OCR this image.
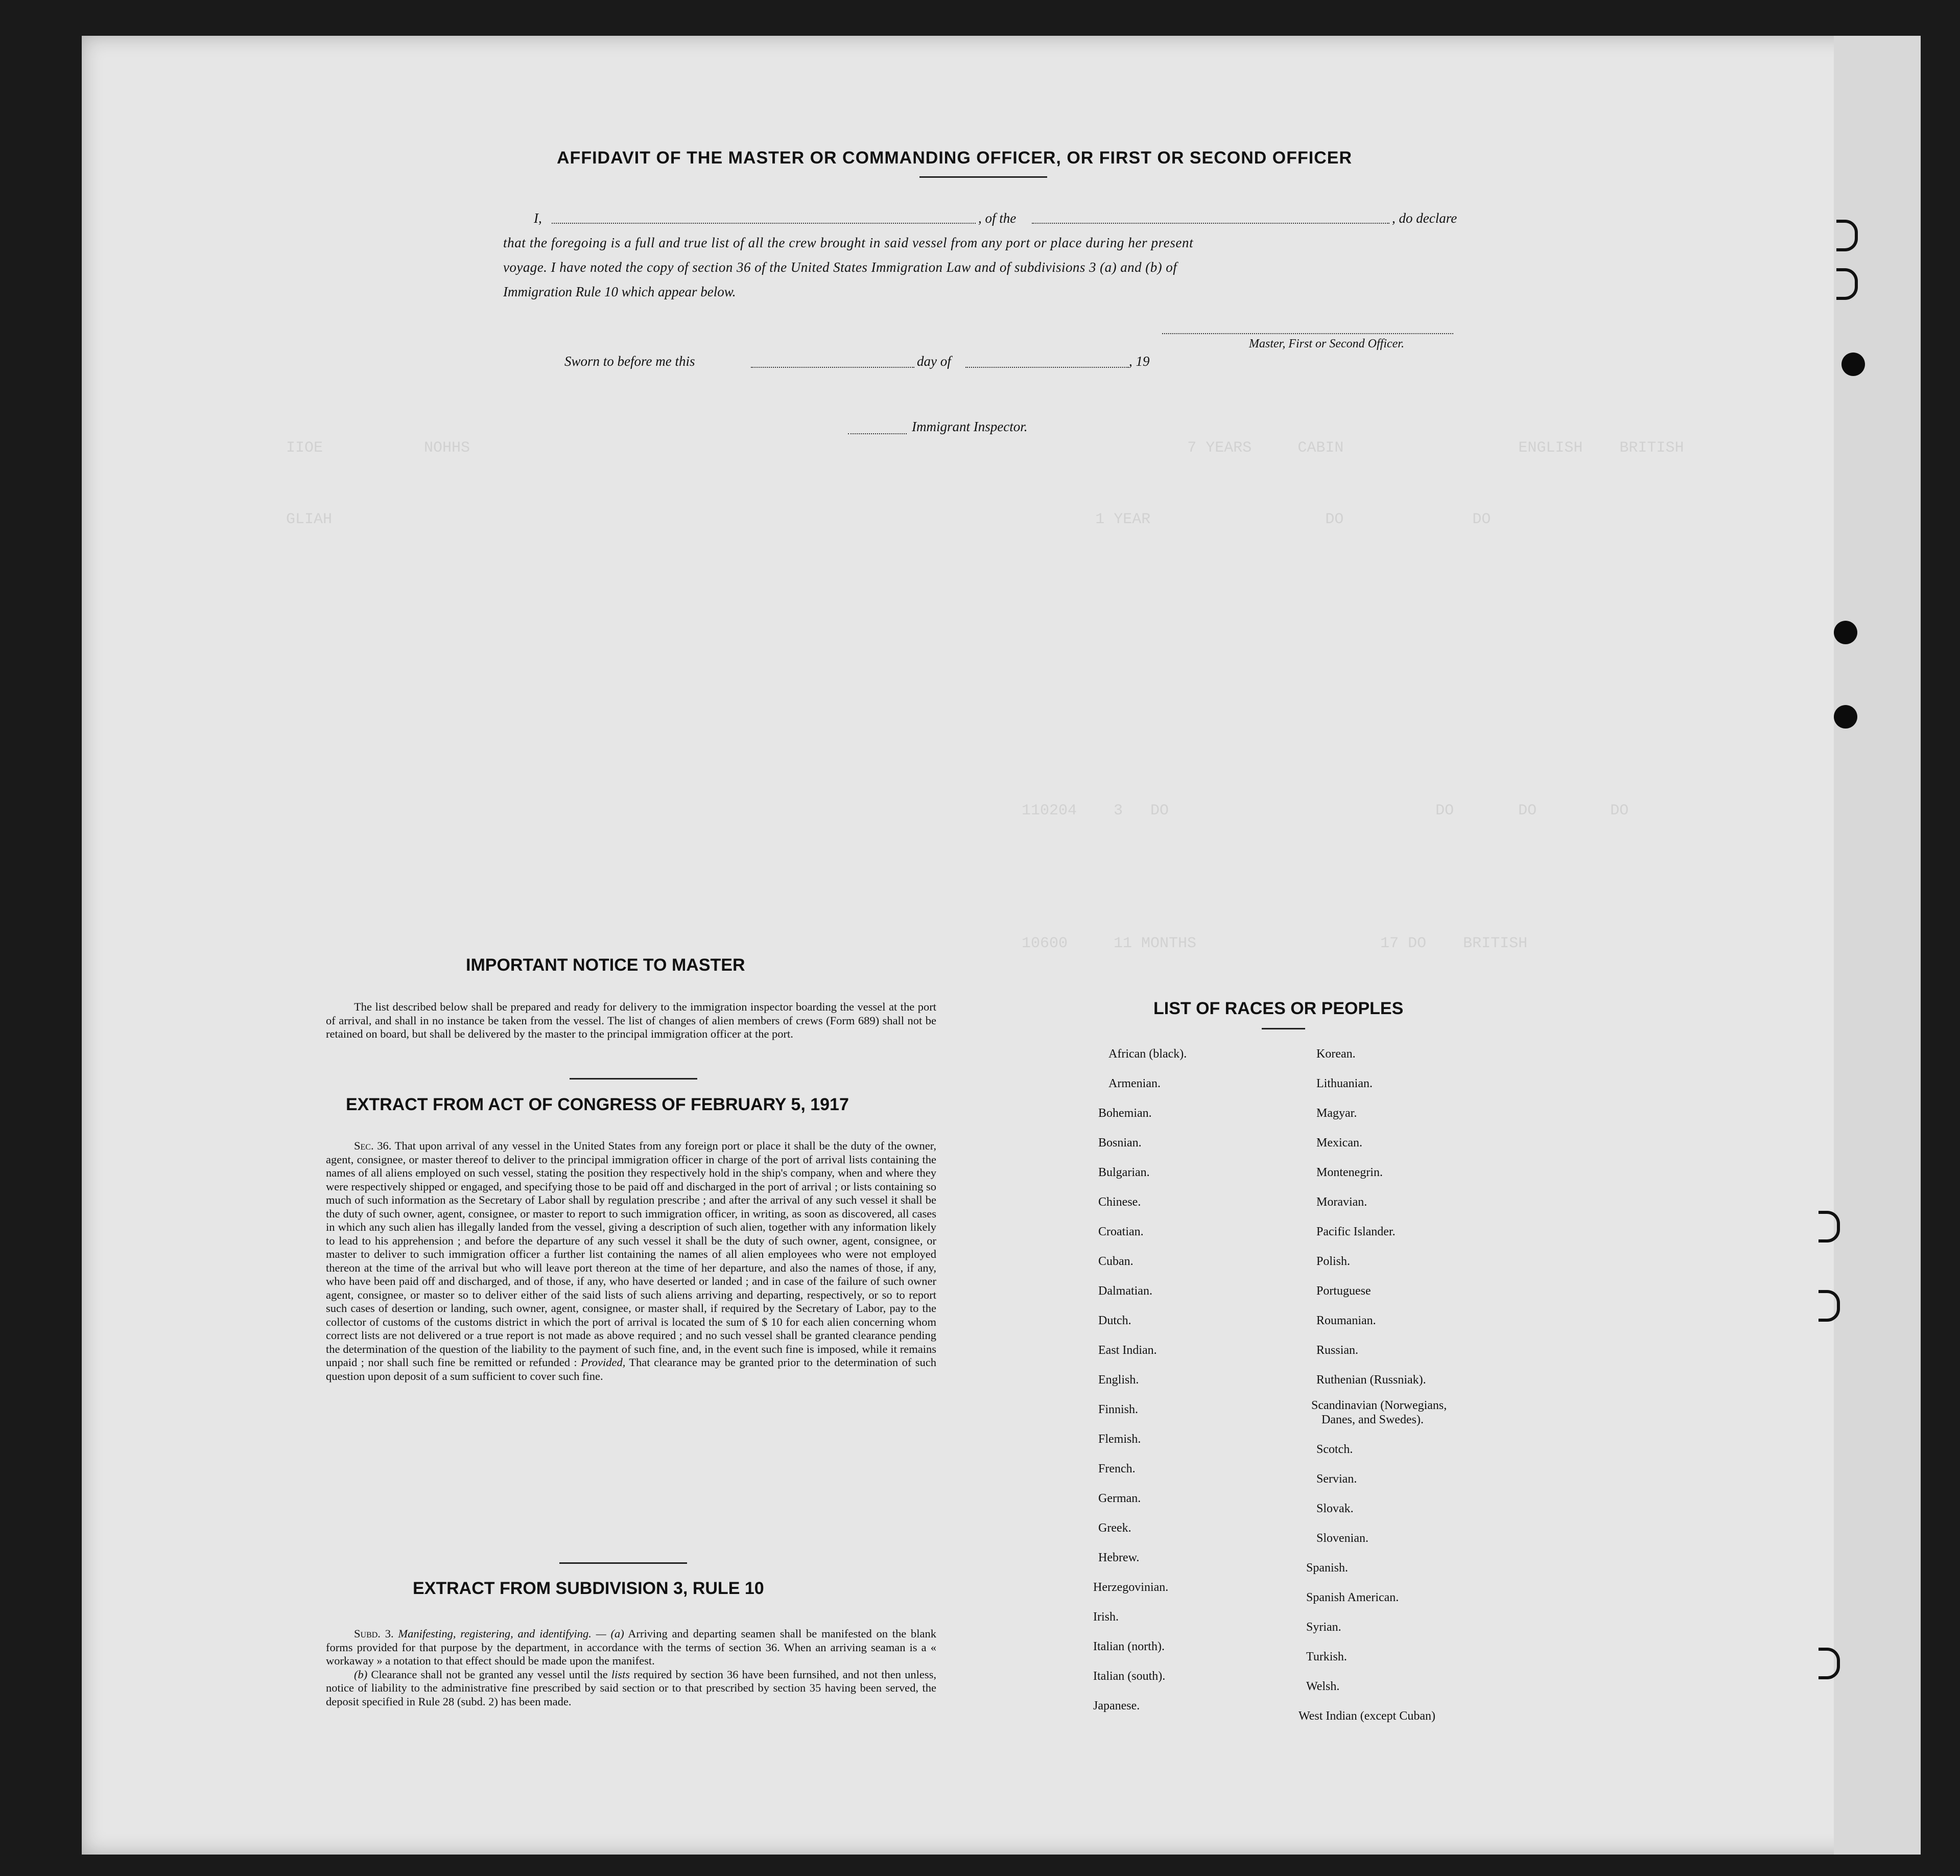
IIOE           NOHHS                                                                              7 YEARS     CABIN                   ENGLISH    BRITISH
GLIAH                                                                                   1 YEAR                   DO              DO
110204    3   DO                             DO       DO        DO
10600     11 MONTHS                    17 DO    BRITISH
AFFIDAVIT OF THE MASTER OR COMMANDING OFFICER, OR FIRST OR SECOND OFFICER
I,	, of the	, do declare
that the foregoing is a full and true list of all the crew brought in said vessel from any port or place during her present
voyage. I have noted the copy of section 36 of the United States Immigration Law and of subdivisions 3 (a) and (b) of
Immigration Rule 10 which appear below.
Master, First or Second Officer.
Sworn to before me this	day of	, 19
Immigrant Inspector.
IMPORTANT NOTICE TO MASTER

The list described below shall be prepared and ready for delivery to the immigration inspector boarding the vessel at the port of arrival, and shall in no instance be taken from the vessel. The list of changes of alien members of crews (Form 689) shall not be retained on board, but shall be delivered by the master to the principal immigration officer at the port.

EXTRACT FROM ACT OF CONGRESS OF FEBRUARY 5, 1917

Sec. 36. That upon arrival of any vessel in the United States from any foreign port or place it shall be the duty of the owner, agent, consignee, or master thereof to deliver to the principal immigration officer in charge of the port of arrival lists containing the names of all aliens employed on such vessel, stating the position they respectively hold in the ship's company, when and where they were respectively shipped or engaged, and specifying those to be paid off and discharged in the port of arrival ; or lists containing so much of such information as the Secretary of Labor shall by regulation prescribe ; and after the arrival of any such vessel it shall be the duty of such owner, agent, consignee, or master to report to such immigration officer, in writing, as soon as discovered, all cases in which any such alien has illegally landed from the vessel, giving a description of such alien, together with any information likely to lead to his apprehension ; and before the departure of any such vessel it shall be the duty of such owner, agent, consignee, or master to deliver to such immigration officer a further list containing the names of all alien employees who were not employed thereon at the time of the arrival but who will leave port thereon at the time of her departure, and also the names of those, if any, who have been paid off and discharged, and of those, if any, who have deserted or landed ; and in case of the failure of such owner agent, consignee, or master so to deliver either of the said lists of such aliens arriving and departing, respectively, or so to report such cases of desertion or landing, such owner, agent, consignee, or master shall, if required by the Secretary of Labor, pay to the collector of customs of the customs district in which the port of arrival is located the sum of $ 10 for each alien concerning whom correct lists are not delivered or a true report is not made as above required ; and no such vessel shall be granted clearance pending the determination of the question of the liability to the payment of such fine, and, in the event such fine is imposed, while it remains unpaid ; nor shall such fine be remitted or refunded : Provided, That clearance may be granted prior to the determination of such question upon deposit of a sum sufficient to cover such fine.

EXTRACT FROM SUBDIVISION 3, RULE 10

Subd. 3. Manifesting, registering, and identifying. — (a) Arriving and departing seamen shall be manifested on the blank forms provided for that purpose by the department, in accordance with the terms of section 36. When an arriving seaman is a « workaway » a notation to that effect should be made upon the manifest.

(b) Clearance shall not be granted any vessel until the lists required by section 36 have been furnsihed, and not then unless, notice of liability to the administrative fine prescribed by said section or to that prescribed by section 35 having been served, the deposit specified in Rule 28 (subd. 2) has been made.

LIST OF RACES OR PEOPLES
African (black).
Armenian.
Bohemian.
Bosnian.
Bulgarian.
Chinese.
Croatian.
Cuban.
Dalmatian.
Dutch.
East Indian.
English.
Finnish.
Flemish.
French.
German.
Greek.
Hebrew.
Herzegovinian.
Irish.
Italian (north).
Italian (south).
Japanese.
Korean.
Lithuanian.
Magyar.
Mexican.
Montenegrin.
Moravian.
Pacific Islander.
Polish.
Portuguese
Roumanian.
Russian.
Ruthenian (Russniak).
Scandinavian (Norwegians,
Danes, and Swedes).
Scotch.
Servian.
Slovak.
Slovenian.
Spanish.
Spanish American.
Syrian.
Turkish.
Welsh.
West Indian (except Cuban)
